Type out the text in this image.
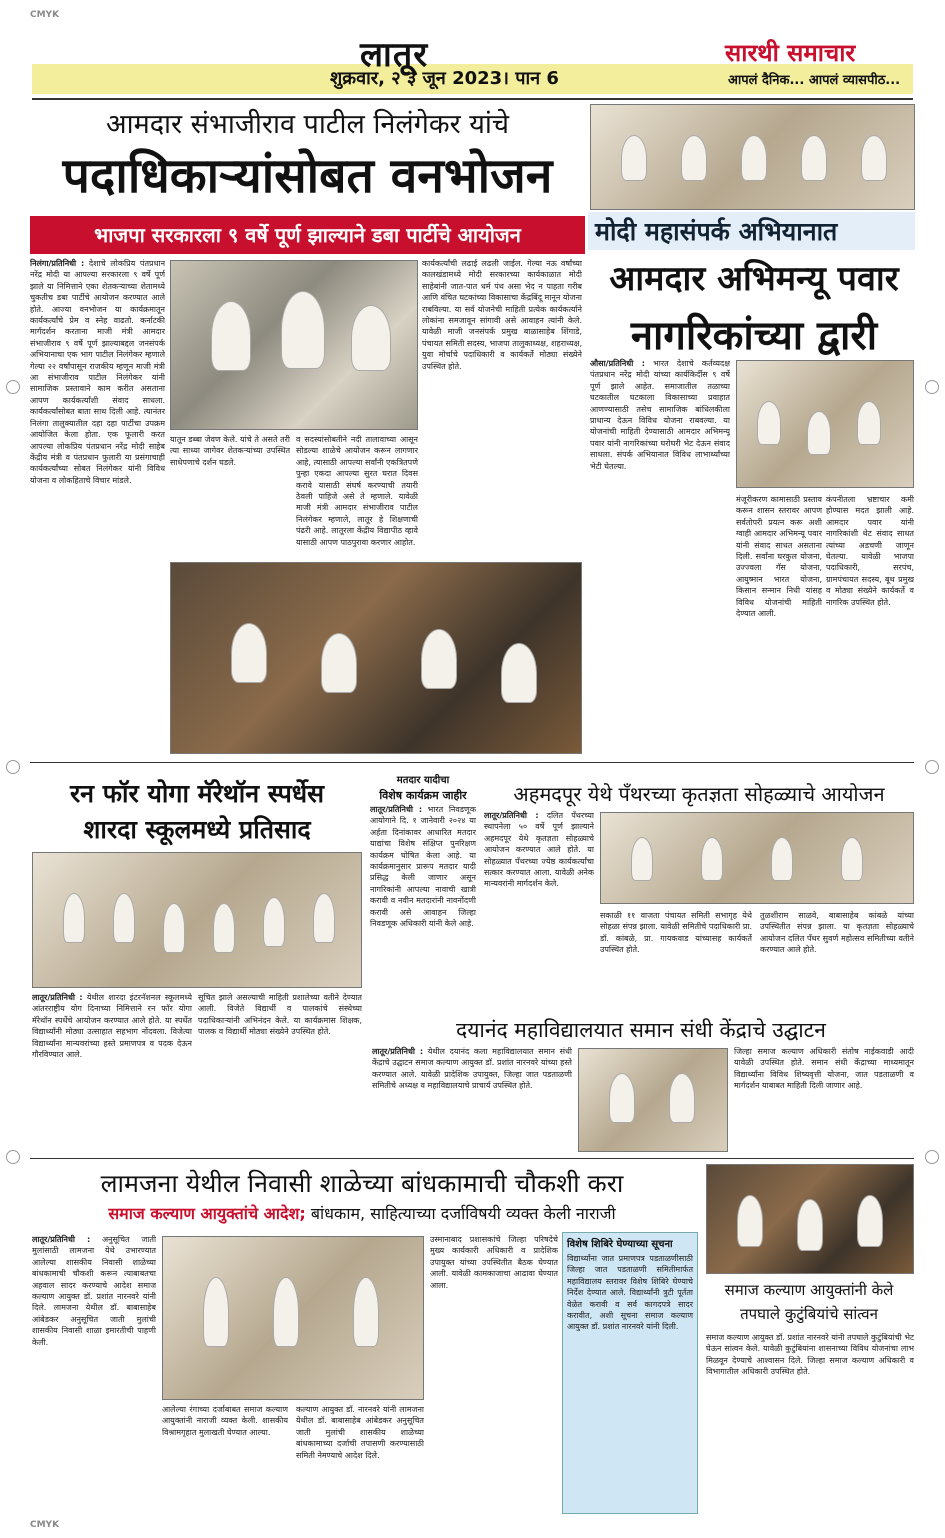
CMYK
CMYK
लातूर
शुक्रवार, २ ३ जून 2023। पान 6
सारथी समाचार
आपलं दैनिक... आपलं व्यासपीठ...
आमदार संभाजीराव पाटील निलंगेकर यांचे
पदाधिकाऱ्यांसोबत वनभोजन
भाजपा सरकारला ९ वर्षे पूर्ण झाल्याने डबा पार्टीचे आयोजन
निलंगा/प्रतिनिधी : देशाचे लोकप्रिय पंतप्रधान नरेंद्र मोदी या आपल्या सरकारला ९ वर्षे पूर्ण झाले या निमित्ताने एका शेतकऱ्याच्या शेतामध्ये चुकतीच डबा पार्टीचे आयोजन करण्यात आले होते. आज्या वनभोजन या कार्यक्रमातून कार्यकर्त्यांचे प्रेम व स्नेह वाढतो. कर्नाटकी मार्गदर्शन करताना माजी मंत्री आमदार संभाजीराव ९ वर्षे पूर्ण झाल्याबद्दल जनसंपर्क अभियानाचा एक भाग पाटील निलंगेकर म्हणाले गेल्या २२ वर्षांपासून राजकीय म्हणून माजी मंत्री आ संभाजीराव पाटील निलंगेकर यांनी सामाजिक प्रस्तावाने काम करीत असताना आपण कार्यकर्त्यांशी संवाद साधला. कार्यकर्त्यांसोबत बाता साथ दिली आहे. त्यानंतर निलंगा तालुक्यातील दहा दहा पार्टीचा उपक्रम आयोजित केला होता. एक फूलारी करत आपल्या लोकप्रिय पंतप्रधान नरेंद्र मोदी साहेब केंद्रीय मंत्री व पंतप्रधान फुलारी या प्रसंगाचाही कार्यकर्त्यांच्या सोबत निलंगेकर यांनी विविध योजना व लोकहिताचे विचार मांडले.
यातून डब्बा जेवण केले. यांचे ते असते तरी त्या साध्या जागेवर शेतकऱ्यांच्या उपस्थित साधेपणाचे दर्शन घडले.
व सदस्यांसोबतीने नदी तालावाच्या आसून सोडल्या शाळेचे आयोजन करून लागणार आहे, त्यासाठी आपल्या सर्वांनी एकत्रितपणे पुन्हा एकदा आपल्या सुरत घरात दिवस करावे यासाठी संघर्ष करण्याची तयारी ठेवली पाहिजे असे ते म्हणाले. यावेळी माजी मंत्री आमदार संभाजीराव पाटील निलंगेकर म्हणाले, लातूर हे शिक्षणाची पंढरी आहे. लातूरला केंद्रीय विद्यापीठ व्हावे यासाठी आपण पाठपुरावा करणार आहोत.
कार्यकर्त्यांची लढाई लढली जाईल. गेल्या नऊ वर्षांच्या कालखंडामध्ये मोदी सरकारच्या कार्यकाळात मोदी साहेबांनी जात-पात धर्म पंथ असा भेद न पाहता गरीब आणि वंचित घटकांच्या विकासाचा केंद्रबिंदू मानून योजना राबविल्या. या सर्व योजनेची माहिती प्रत्येक कार्यकर्त्याने लोकांना समजावून सांगावी असे आवाहन त्यांनी केले. यावेळी माजी जनसंपर्क प्रमुख बाळासाहेब शिंगाडे, पंचायत समिती सदस्य, भाजपा तालुकाध्यक्ष, शहराध्यक्ष, युवा मोर्चाचे पदाधिकारी व कार्यकर्ते मोठ्या संख्येने उपस्थित होते.
मोदी महासंपर्क अभियानात
आमदार अभिमन्यू पवार
नागरिकांच्या द्वारी
औसा/प्रतिनिधी : भारत देशाचे कर्तव्यदक्ष पंतप्रधान नरेंद्र मोदी यांच्या कार्यकिर्दीस ९ वर्षे पूर्ण झाले आहेत. समाजातील तळाच्या घटकातील घटकाला विकासाच्या प्रवाहात आणण्यासाठी तसेच सामाजिक बांधिलकीला प्राधान्य देऊन विविध योजना राबवल्या. या योजनांची माहिती देण्यासाठी आमदार अभिमन्यू पवार यांनी नागरिकांच्या घरोघरी भेट देऊन संवाद साधला. संपर्क अभियानात विविध लाभार्थ्यांच्या भेटी घेतल्या.
मंजूरीकरण कामासाठी प्रस्ताव करून शासन स्तरावर आपण सर्वतोपरी प्रयत्न करू अशी ग्वाही आमदार अभिमन्यू पवार यांनी संवाद साधत असताना दिली. सर्वांना घरकुल योजना, उज्ज्वला गॅस योजना, आयुष्मान भारत योजना, किसान सन्मान निधी यांसह विविध योजनांची माहिती देण्यात आली.
कंपनीतला भ्रष्टाचार कमी होण्यास मदत झाली आहे. आमदार पवार यांनी नागरिकांशी थेट संवाद साधत त्यांच्या अडचणी जाणून घेतल्या. यावेळी भाजपा पदाधिकारी, सरपंच, ग्रामपंचायत सदस्य, बूथ प्रमुख व मोठ्या संख्येने कार्यकर्ते व नागरिक उपस्थित होते.
रन फॉर योगा मॅरेथॉन स्पर्धेस
शारदा स्कूलमध्ये प्रतिसाद
लातूर/प्रतिनिधी : येथील शारदा इंटरनॅशनल स्कूलमध्ये आंतरराष्ट्रीय योग दिनाच्या निमित्ताने रन फॉर योगा मॅरेथॉन स्पर्धेचे आयोजन करण्यात आले होते. या स्पर्धेत विद्यार्थ्यांनी मोठ्या उत्साहात सहभाग नोंदवला. विजेत्या विद्यार्थ्यांना मान्यवरांच्या हस्ते प्रमाणपत्र व पदक देऊन गौरविण्यात आले.
सूचित झाले असल्याची माहिती प्रशालेच्या वतीने देण्यात आली. विजेते विद्यार्थी व पालकांचे संस्थेच्या पदाधिकाऱ्यांनी अभिनंदन केले. या कार्यक्रमास शिक्षक, पालक व विद्यार्थी मोठ्या संख्येने उपस्थित होते.
मतदार यादीचा
विशेष कार्यक्रम जाहीर
लातूर/प्रतिनिधी : भारत निवडणूक आयोगाने दि. १ जानेवारी २०२४ या अर्हता दिनांकावर आधारित मतदार याद्यांचा विशेष संक्षिप्त पुनरिक्षण कार्यक्रम घोषित केला आहे. या कार्यक्रमानुसार प्रारूप मतदार यादी प्रसिद्ध केली जाणार असून नागरिकांनी आपल्या नावाची खात्री करावी व नवीन मतदारांनी नावनोंदणी करावी असे आवाहन जिल्हा निवडणूक अधिकारी यांनी केले आहे.
अहमदपूर येथे पँथरच्या कृतज्ञता सोहळ्याचे आयोजन
लातूर/प्रतिनिधी : दलित पँथरच्या स्थापनेला ५० वर्षे पूर्ण झाल्याने अहमदपूर येथे कृतज्ञता सोहळ्याचे आयोजन करण्यात आले होते. या सोहळ्यात पँथरच्या ज्येष्ठ कार्यकर्त्यांचा सत्कार करण्यात आला. यावेळी अनेक मान्यवरांनी मार्गदर्शन केले.
सकाळी ११ वाजता पंचायत समिती सभागृह येथे सोहळा संपन्न झाला. यावेळी समितीचे पदाधिकारी प्रा. डॉ. कांबळे, प्रा. गायकवाड यांच्यासह कार्यकर्ते उपस्थित होते.
तुळशीराम साळवे, बाबासाहेब कांबळे यांच्या उपस्थितीत संपन्न झाला. या कृतज्ञता सोहळ्याचे आयोजन दलित पँथर सुवर्ण महोत्सव समितीच्या वतीने करण्यात आले होते.
दयानंद महाविद्यालयात समान संधी केंद्राचे उद्घाटन
लातूर/प्रतिनिधी : येथील दयानंद कला महाविद्यालयात समान संधी केंद्राचे उद्घाटन समाज कल्याण आयुक्त डॉ. प्रशांत नारनवरे यांच्या हस्ते करण्यात आले. यावेळी प्रादेशिक उपायुक्त, जिल्हा जात पडताळणी समितीचे अध्यक्ष व महाविद्यालयाचे प्राचार्य उपस्थित होते.
जिल्हा समाज कल्याण अधिकारी संतोष नाईकवाडी आदी यावेळी उपस्थित होते. समान संधी केंद्राच्या माध्यमातून विद्यार्थ्यांना विविध शिष्यवृत्ती योजना, जात पडताळणी व मार्गदर्शन याबाबत माहिती दिली जाणार आहे.
लामजना येथील निवासी शाळेच्या बांधकामाची चौकशी करा
समाज कल्याण आयुक्तांचे आदेश; बांधकाम, साहित्याच्या दर्जाविषयी व्यक्त केली नाराजी
लातूर/प्रतिनिधी : अनुसूचित जाती मुलांसाठी लामजना येथे उभारण्यात आलेल्या शासकीय निवासी शाळेच्या बांधकामाची चौकशी करून त्याबाबतचा अहवाल सादर करण्याचे आदेश समाज कल्याण आयुक्त डॉ. प्रशांत नारनवरे यांनी दिले. लामजना येथील डॉ. बाबासाहेब आंबेडकर अनुसूचित जाती मुलांची शासकीय निवासी शाळा इमारतीची पाहणी केली.
आलेल्या रंगाच्या दर्जाबाबत समाज कल्याण आयुक्तांनी नाराजी व्यक्त केली. शासकीय विश्रामगृहात मुलाखती घेण्यात आल्या.
कल्याण आयुक्त डॉ. नारनवरे यांनी लामजना येथील डॉ. बाबासाहेब आंबेडकर अनुसूचित जाती मुलांची शासकीय शाळेच्या बांधकामाच्या दर्जाची तपासणी करण्यासाठी समिती नेमण्याचे आदेश दिले.
उस्मानाबाद प्रशासकांचे जिल्हा परिषदेचे मुख्य कार्यकारी अधिकारी व प्रादेशिक उपायुक्त यांच्या उपस्थितीत बैठक घेण्यात आली. यावेळी कामकाजाचा आढावा घेण्यात आला.
विशेष शिबिरे घेण्याच्या सूचना
विद्यार्थ्यांना जात प्रमाणपत्र पडताळणीसाठी जिल्हा जात पडताळणी समितीमार्फत महाविद्यालय स्तरावर विशेष शिबिरे घेण्याचे निर्देश देण्यात आले. विद्यार्थ्यांनी त्रुटी पूर्तता वेळेत करावी व सर्व कागदपत्रे सादर करावीत, अशी सूचना समाज कल्याण आयुक्त डॉ. प्रशांत नारनवरे यांनी दिली.
समाज कल्याण आयुक्तांनी केले
तपघाले कुटुंबियांचे सांत्वन
समाज कल्याण आयुक्त डॉ. प्रशांत नारनवरे यांनी तपघाले कुटुंबियांची भेट घेऊन सांत्वन केले. यावेळी कुटुंबियांना शासनाच्या विविध योजनांचा लाभ मिळवून देण्याचे आश्वासन दिले. जिल्हा समाज कल्याण अधिकारी व विभागातील अधिकारी उपस्थित होते.
